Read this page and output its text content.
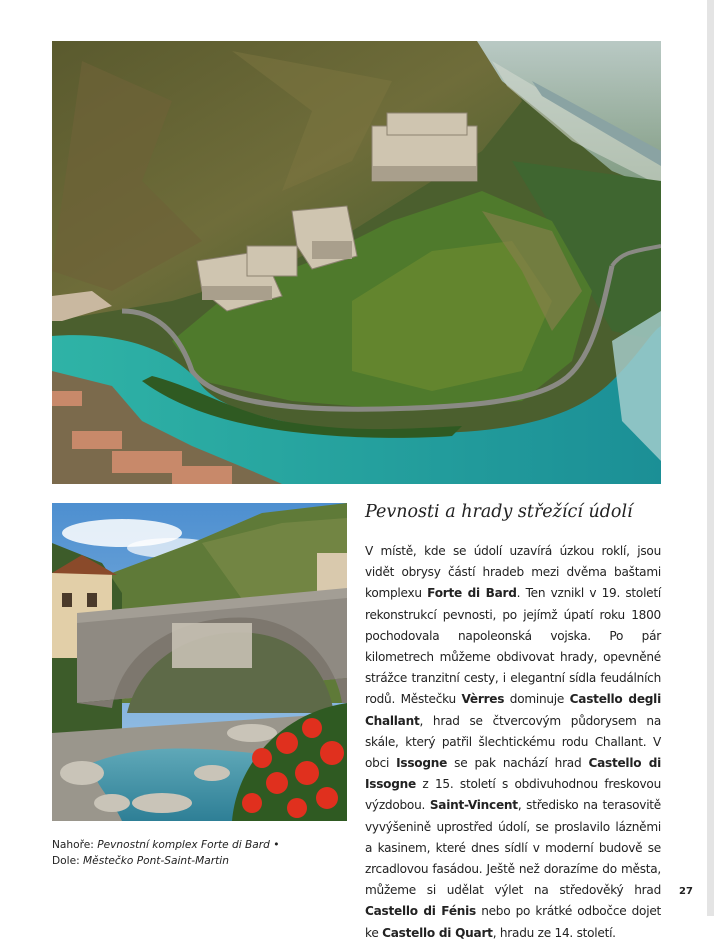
Pevnosti a hrady střežící údolí
V místě, kde se údolí uzavírá úzkou roklí, jsou vidět obrysy částí hradeb mezi dvěma baštami komplexu Forte di Bard. Ten vznikl v 19. století rekonstrukcí pevnosti, po jejímž úpatí roku 1800 pochodovala napoleonská vojska. Po pár kilometrech můžeme obdivovat hrady, opevněné strážce tranzitní cesty, i elegantní sídla feudálních rodů. Městečku Vèrres dominuje Castello degli Challant, hrad se čtvercovým půdorysem na skále, který patřil šlechtickému rodu Challant. V obci Issogne se pak nachází hrad Castello di Issogne z 15. století s obdivuhodnou freskovou výzdobou. Saint-Vincent, středisko na terasovitě vyvýšenině uprostřed údolí, se proslavilo lázněmi a kasinem, které dnes sídlí v moderní budově se zrcadlovou fasádou. Ještě než dorazíme do města, můžeme si udělat výlet na středověký hrad Castello di Fénis nebo po krátké odbočce dojet ke Castello di Quart, hradu ze 14. století.
Nahoře: Pevnostní komplex Forte di Bard •
Dole: Městečko Pont-Saint-Martin
27
